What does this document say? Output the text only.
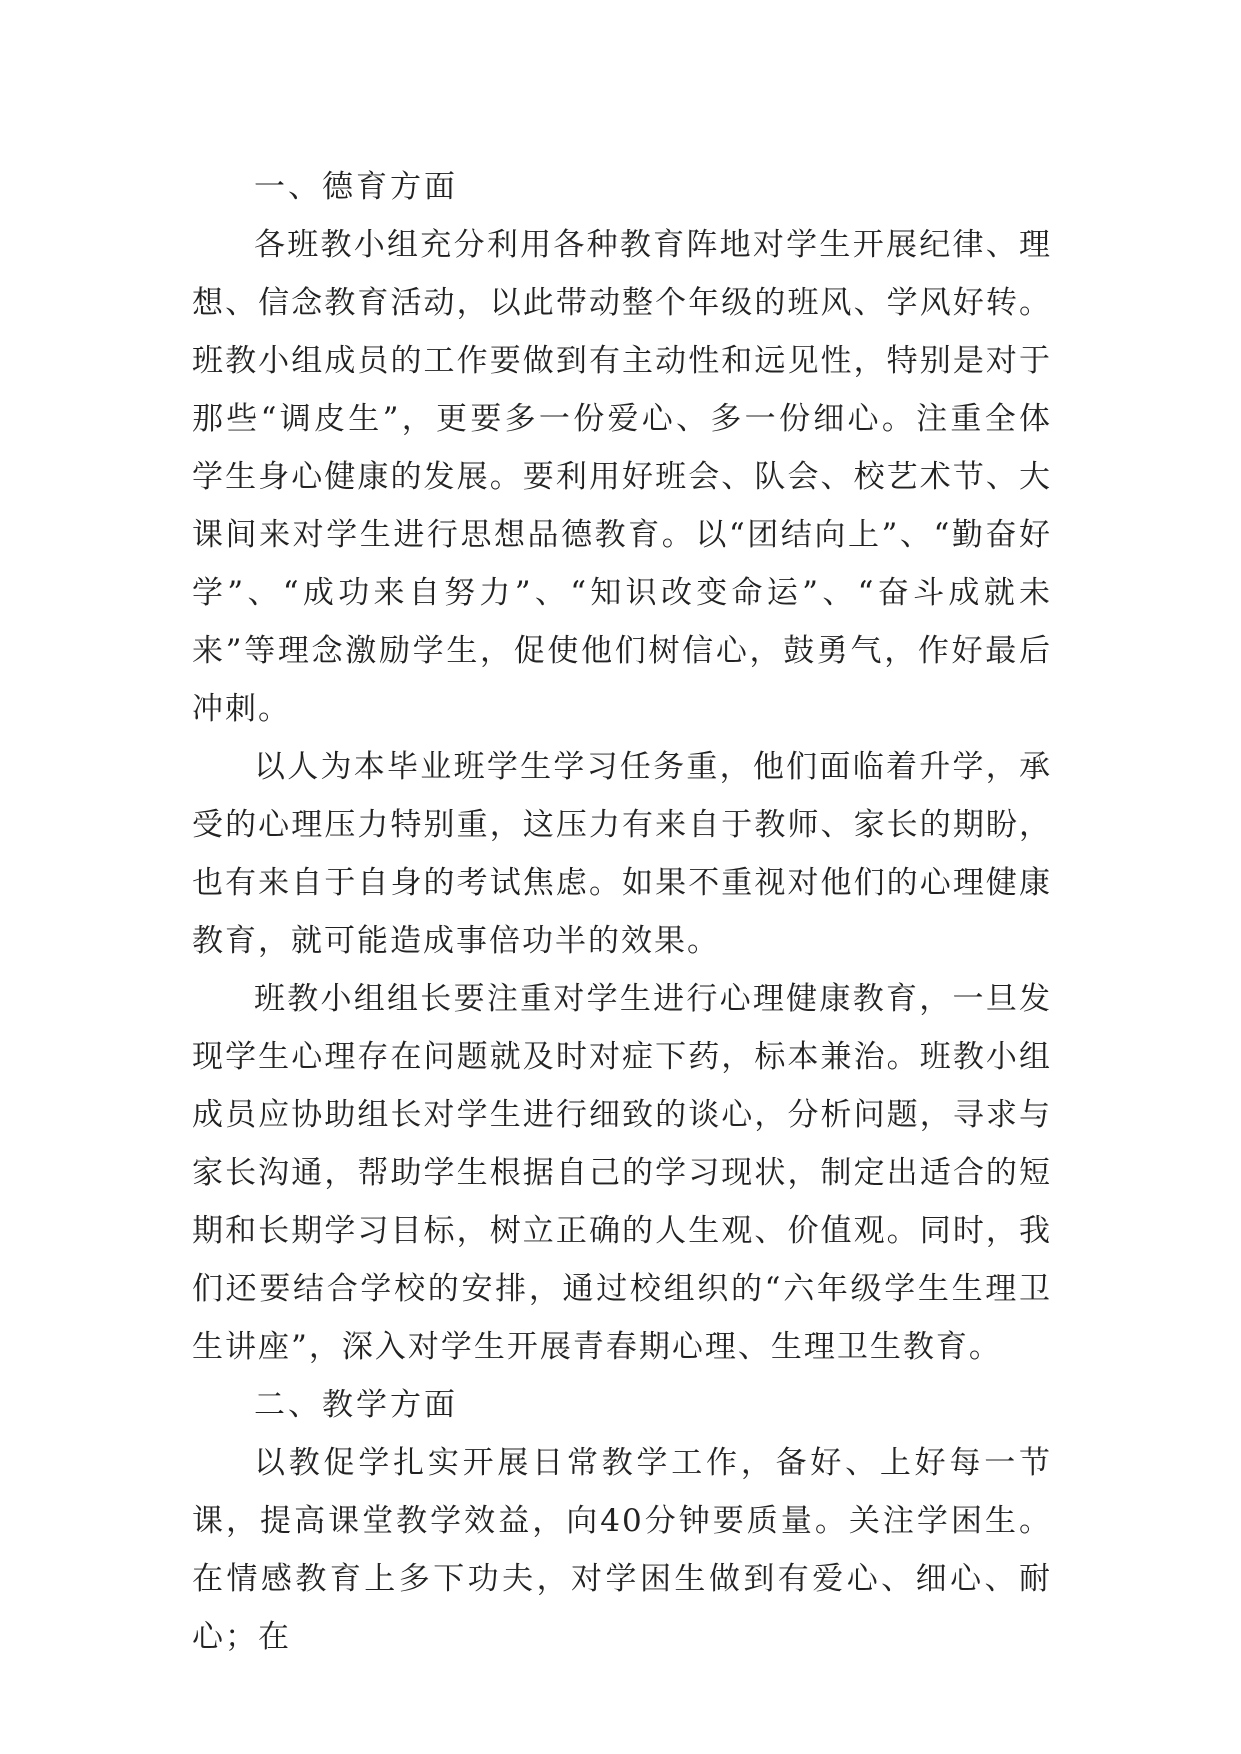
一、德育方面

各班教小组充分利用各种教育阵地对学生开展纪律、理想、信念教育活动，以此带动整个年级的班风、学风好转。班教小组成员的工作要做到有主动性和远见性，特别是对于那些“调皮生”，更要多一份爱心、多一份细心。注重全体学生身心健康的发展。要利用好班会、队会、校艺术节、大课间来对学生进行思想品德教育。以“团结向上”、“勤奋好学”、“成功来自努力”、“知识改变命运”、“奋斗成就未来”等理念激励学生，促使他们树信心，鼓勇气，作好最后冲刺。

以人为本毕业班学生学习任务重，他们面临着升学，承受的心理压力特别重，这压力有来自于教师、家长的期盼，也有来自于自身的考试焦虑。如果不重视对他们的心理健康教育，就可能造成事倍功半的效果。

班教小组组长要注重对学生进行心理健康教育，一旦发现学生心理存在问题就及时对症下药，标本兼治。班教小组成员应协助组长对学生进行细致的谈心，分析问题，寻求与家长沟通，帮助学生根据自己的学习现状，制定出适合的短期和长期学习目标，树立正确的人生观、价值观。同时，我们还要结合学校的安排，通过校组织的“六年级学生生理卫生讲座”，深入对学生开展青春期心理、生理卫生教育。

二、教学方面

以教促学扎实开展日常教学工作，备好、上好每一节课，提高课堂教学效益，向40分钟要质量。关注学困生。在情感教育上多下功夫，对学困生做到有爱心、细心、耐心；在
